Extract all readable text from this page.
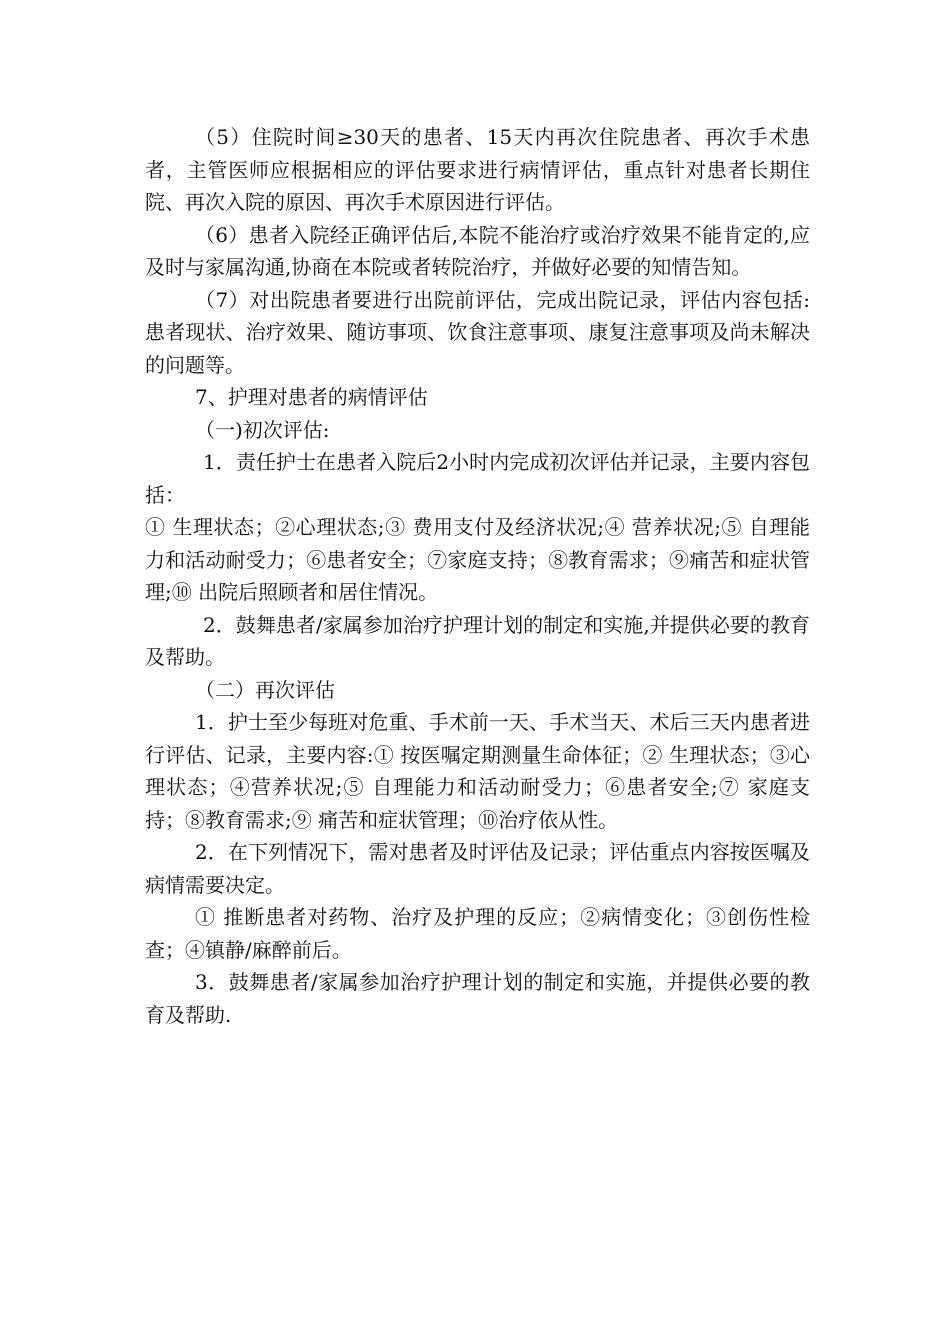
（5）住院时间≥30天的患者、15天内再次住院患者、再次手术患者，主管医师应根据相应的评估要求进行病情评估，重点针对患者长期住院、再次入院的原因、再次手术原因进行评估。

（6）患者入院经正确评估后,本院不能治疗或治疗效果不能肯定的,应及时与家属沟通,协商在本院或者转院治疗，并做好必要的知情告知。

（7）对出院患者要进行出院前评估，完成出院记录，评估内容包括:患者现状、治疗效果、随访事项、饮食注意事项、康复注意事项及尚未解决的问题等。

7、护理对患者的病情评估

（一)初次评估:

1．责任护士在患者入院后2小时内完成初次评估并记录，主要内容包括：

① 生理状态；②心理状态;③ 费用支付及经济状况;④ 营养状况;⑤ 自理能力和活动耐受力；⑥患者安全；⑦家庭支持；⑧教育需求；⑨痛苦和症状管理;⑩ 出院后照顾者和居住情况。

2．鼓舞患者/家属参加治疗护理计划的制定和实施,并提供必要的教育及帮助。

（二）再次评估

1．护士至少每班对危重、手术前一天、手术当天、术后三天内患者进行评估、记录，主要内容:① 按医嘱定期测量生命体征；② 生理状态；③心理状态；④营养状况;⑤ 自理能力和活动耐受力；⑥患者安全;⑦ 家庭支持；⑧教育需求;⑨ 痛苦和症状管理；⑩治疗依从性。

2．在下列情况下，需对患者及时评估及记录；评估重点内容按医嘱及病情需要决定。

① 推断患者对药物、治疗及护理的反应；②病情变化；③创伤性检查；④镇静/麻醉前后。

3．鼓舞患者/家属参加治疗护理计划的制定和实施，并提供必要的教育及帮助.
